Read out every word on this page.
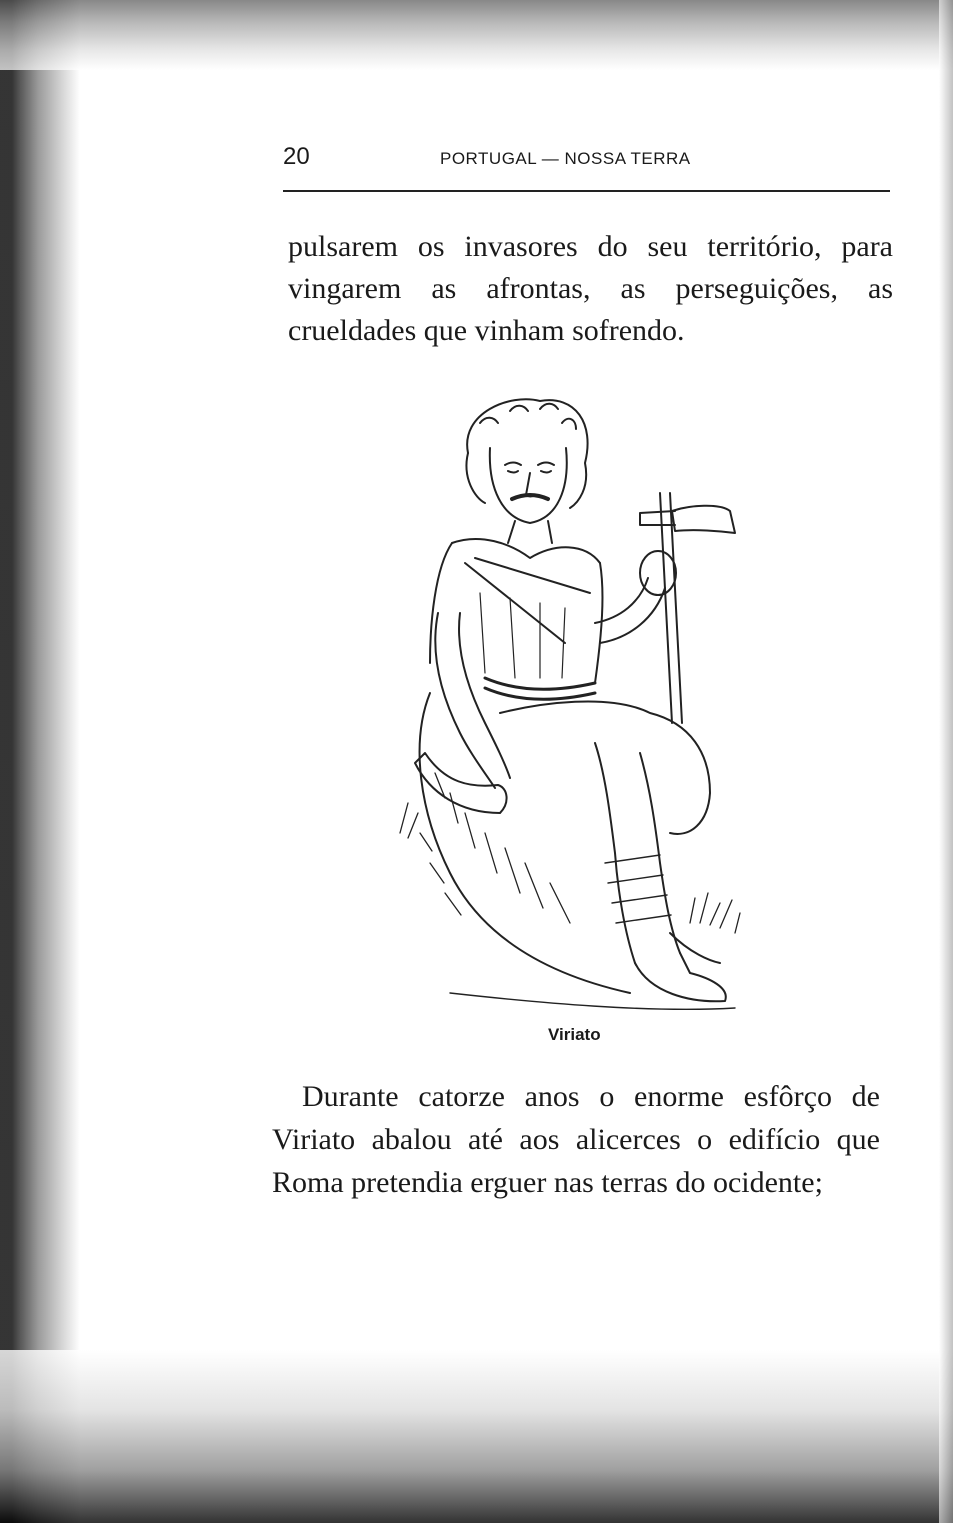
20	PORTUGAL — NOSSA TERRA

pulsarem os invasores do seu território, para vingarem as afrontas, as perseguições, as crueldades que vinham sofrendo.

Viriato

Durante catorze anos o enorme esfôrço de Viriato abalou até aos alicerces o edifício que Roma pretendia erguer nas terras do ocidente;
